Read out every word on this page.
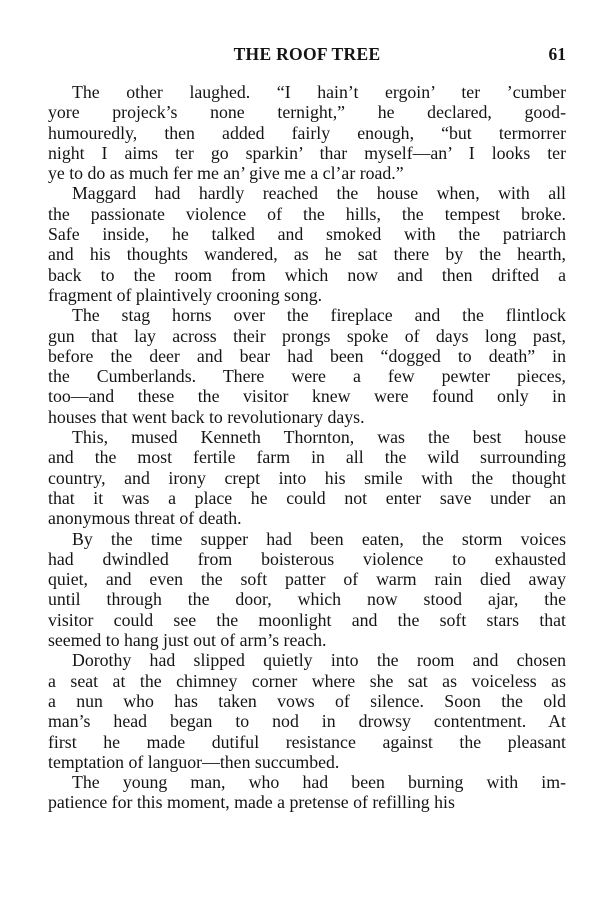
THE ROOF TREE	61

The other laughed. “I hain’t ergoin’ ter ’cumber
yore projeck’s none ternight,” he declared, good-
humouredly, then added fairly enough, “but termorrer
night I aims ter go sparkin’ thar myself—an’ I looks ter
ye to do as much fer me an’ give me a cl’ar road.”

Maggard had hardly reached the house when, with all
the passionate violence of the hills, the tempest broke.
Safe inside, he talked and smoked with the patriarch
and his thoughts wandered, as he sat there by the hearth,
back to the room from which now and then drifted a
fragment of plaintively crooning song.

The stag horns over the fireplace and the flintlock
gun that lay across their prongs spoke of days long past,
before the deer and bear had been “dogged to death” in
the Cumberlands. There were a few pewter pieces,
too—and these the visitor knew were found only in
houses that went back to revolutionary days.

This, mused Kenneth Thornton, was the best house
and the most fertile farm in all the wild surrounding
country, and irony crept into his smile with the thought
that it was a place he could not enter save under an
anonymous threat of death.

By the time supper had been eaten, the storm voices
had dwindled from boisterous violence to exhausted
quiet, and even the soft patter of warm rain died away
until through the door, which now stood ajar, the
visitor could see the moonlight and the soft stars that
seemed to hang just out of arm’s reach.

Dorothy had slipped quietly into the room and chosen
a seat at the chimney corner where she sat as voiceless as
a nun who has taken vows of silence. Soon the old
man’s head began to nod in drowsy contentment. At
first he made dutiful resistance against the pleasant
temptation of languor—then succumbed.

The young man, who had been burning with im-
patience for this moment, made a pretense of refilling his
